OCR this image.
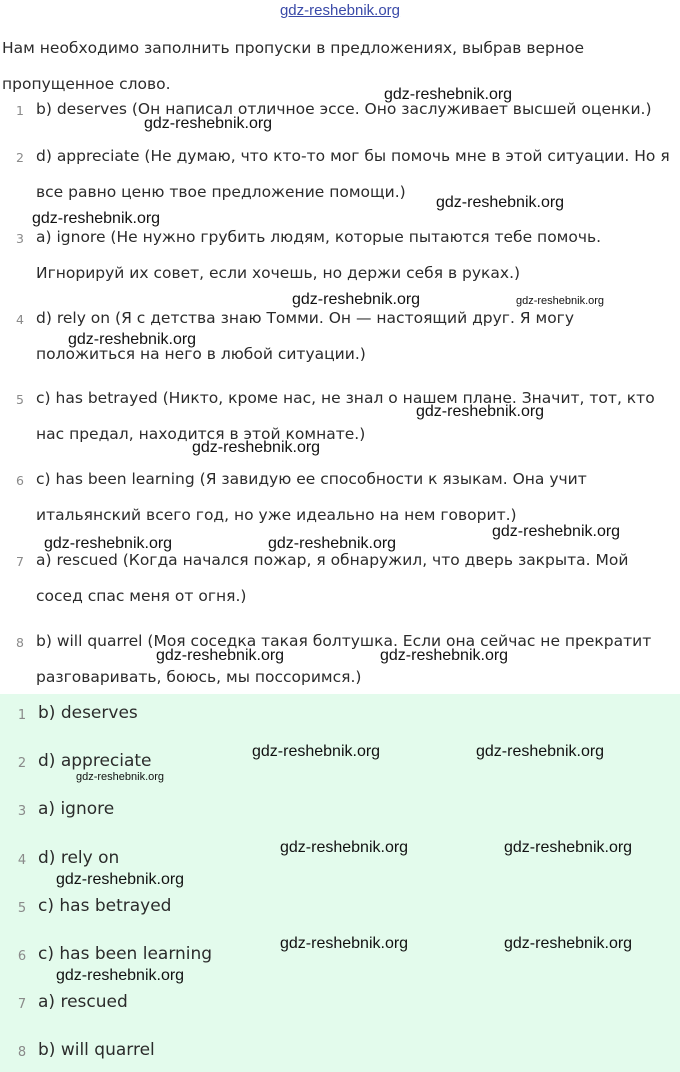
gdz-reshebnik.org
Нам необходимо заполнить пропуски в предложениях, выбрав верное пропущенное слово.
1 b) deserves (Он написал отличное эссе. Оно заслуживает высшей оценки.)
2 d) appreciate (Не думаю, что кто-то мог бы помочь мне в этой ситуации. Но я все равно ценю твое предложение помощи.)
3 a) ignore (Не нужно грубить людям, которые пытаются тебе помочь. Игнорируй их совет, если хочешь, но держи себя в руках.)
4 d) rely on (Я с детства знаю Томми. Он — настоящий друг. Я могу положиться на него в любой ситуации.)
5 c) has betrayed (Никто, кроме нас, не знал о нашем плане. Значит, тот, кто нас предал, находится в этой комнате.)
6 c) has been learning (Я завидую ее способности к языкам. Она учит итальянский всего год, но уже идеально на нем говорит.)
7 a) rescued (Когда начался пожар, я обнаружил, что дверь закрыта. Мой сосед спас меня от огня.)
8 b) will quarrel (Моя соседка такая болтушка. Если она сейчас не прекратит разговаривать, боюсь, мы поссоримся.)
1 b) deserves
2 d) appreciate
3 a) ignore
4 d) rely on
5 c) has betrayed
6 c) has been learning
7 a) rescued
8 b) will quarrel
gdz-reshebnik.org
gdz-reshebnik.org
gdz-reshebnik.org
gdz-reshebnik.org
gdz-reshebnik.org	gdz-reshebnik.org
gdz-reshebnik.org
gdz-reshebnik.org
gdz-reshebnik.org
gdz-reshebnik.org
gdz-reshebnik.org	gdz-reshebnik.org
gdz-reshebnik.org	gdz-reshebnik.org
gdz-reshebnik.org	gdz-reshebnik.org
gdz-reshebnik.org
gdz-reshebnik.org	gdz-reshebnik.org
gdz-reshebnik.org
gdz-reshebnik.org	gdz-reshebnik.org
gdz-reshebnik.org
